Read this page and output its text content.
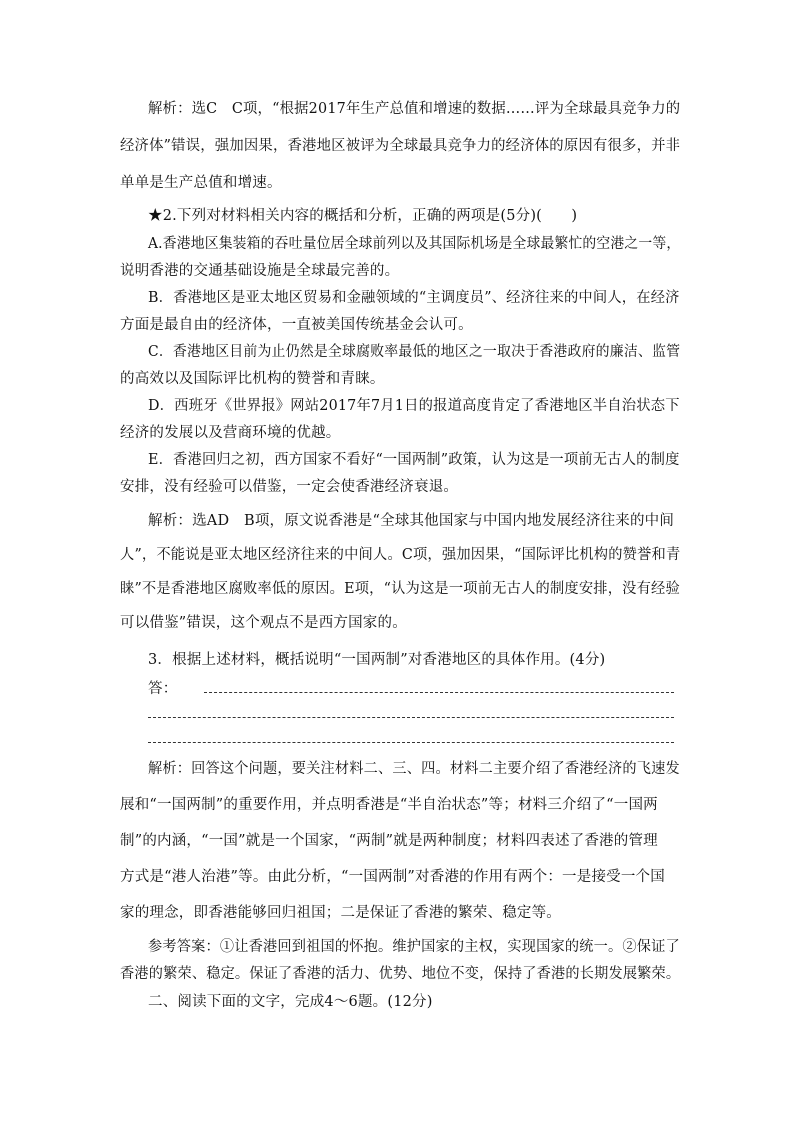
解析：选C　C项，“根据2017年生产总值和增速的数据……评为全球最具竞争力的
经济体”错误，强加因果，香港地区被评为全球最具竞争力的经济体的原因有很多，并非
单单是生产总值和增速。
★2.下列对材料相关内容的概括和分析，正确的两项是(5分)(　　)
A.香港地区集装箱的吞吐量位居全球前列以及其国际机场是全球最繁忙的空港之一等，
说明香港的交通基础设施是全球最完善的。
B．香港地区是亚太地区贸易和金融领域的“主调度员”、经济往来的中间人，在经济
方面是最自由的经济体，一直被美国传统基金会认可。
C．香港地区目前为止仍然是全球腐败率最低的地区之一取决于香港政府的廉洁、监管
的高效以及国际评比机构的赞誉和青睐。
D．西班牙《世界报》网站2017年7月1日的报道高度肯定了香港地区半自治状态下
经济的发展以及营商环境的优越。
E．香港回归之初，西方国家不看好“一国两制”政策，认为这是一项前无古人的制度
安排，没有经验可以借鉴，一定会使香港经济衰退。
解析：选AD　B项，原文说香港是“全球其他国家与中国内地发展经济往来的中间
人”，不能说是亚太地区经济往来的中间人。C项，强加因果，“国际评比机构的赞誉和青
睐”不是香港地区腐败率低的原因。E项，“认为这是一项前无古人的制度安排，没有经验
可以借鉴”错误，这个观点不是西方国家的。
3．根据上述材料，概括说明“一国两制”对香港地区的具体作用。(4分)
答：
解析：回答这个问题，要关注材料二、三、四。材料二主要介绍了香港经济的飞速发
展和“一国两制”的重要作用，并点明香港是“半自治状态”等；材料三介绍了“一国两
制”的内涵，“一国”就是一个国家，“两制”就是两种制度；材料四表述了香港的管理
方式是“港人治港”等。由此分析，“一国两制”对香港的作用有两个：一是接受一个国
家的理念，即香港能够回归祖国；二是保证了香港的繁荣、稳定等。
参考答案：①让香港回到祖国的怀抱。维护国家的主权，实现国家的统一。②保证了
香港的繁荣、稳定。保证了香港的活力、优势、地位不变，保持了香港的长期发展繁荣。
二、阅读下面的文字，完成4～6题。(12分)
